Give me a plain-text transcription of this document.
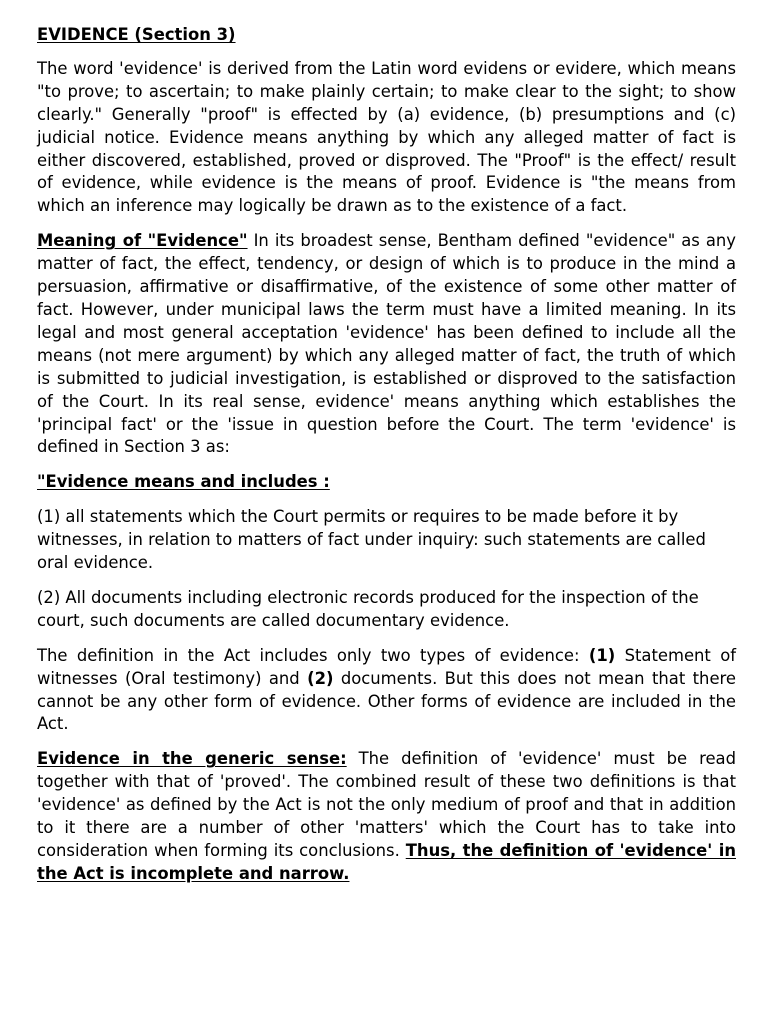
EVIDENCE (Section 3)

The word 'evidence' is derived from the Latin word evidens or evidere, which means "to prove; to ascertain; to make plainly certain; to make clear to the sight; to show clearly." Generally "proof" is effected by (a) evidence, (b) presumptions and (c) judicial notice. Evidence means anything by which any alleged matter of fact is either discovered, established, proved or disproved. The "Proof" is the effect/ result of evidence, while evidence is the means of proof. Evidence is "the means from which an inference may logically be drawn as to the existence of a fact.

Meaning of "Evidence" In its broadest sense, Bentham defined "evidence" as any matter of fact, the effect, tendency, or design of which is to produce in the mind a persuasion, affirmative or disaffirmative, of the existence of some other matter of fact. However, under municipal laws the term must have a limited meaning. In its legal and most general acceptation 'evidence' has been defined to include all the means (not mere argument) by which any alleged matter of fact, the truth of which is submitted to judicial investigation, is established or disproved to the satisfaction of the Court. In its real sense, evidence' means anything which establishes the 'principal fact' or the 'issue in question before the Court. The term 'evidence' is defined in Section 3 as:

"Evidence means and includes :

(1) all statements which the Court permits or requires to be made before it by witnesses, in relation to matters of fact under inquiry: such statements are called oral evidence.

(2) All documents including electronic records produced for the inspection of the court, such documents are called documentary evidence.

The definition in the Act includes only two types of evidence: (1) Statement of witnesses (Oral testimony) and (2) documents. But this does not mean that there cannot be any other form of evidence. Other forms of evidence are included in the Act.

Evidence in the generic sense: The definition of 'evidence' must be read together with that of 'proved'. The combined result of these two definitions is that 'evidence' as defined by the Act is not the only medium of proof and that in addition to it there are a number of other 'matters' which the Court has to take into consideration when forming its conclusions. Thus, the definition of 'evidence' in the Act is incomplete and narrow.
